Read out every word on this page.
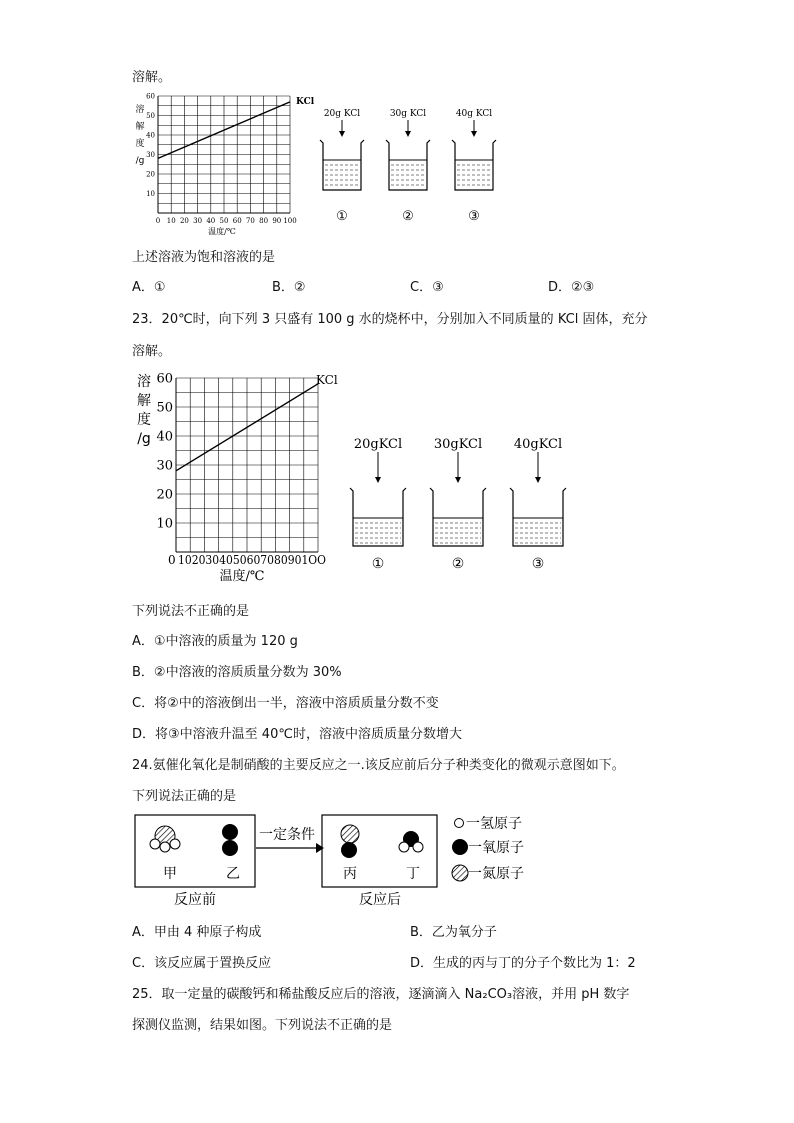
溶解。
60
50
40
30
20
10
0 10 20 30 40 50 60 70 80 90 100
溶
解
度
/g
KCl
温度/℃
20g KCl
①
30g KCl
②
40g KCl
③
上述溶液为饱和溶液的是
A．①	B．②	C．③	D．②③
23．20℃时，向下列 3 只盛有 100 g 水的烧杯中，分别加入不同质量的 KCl 固体，充分
溶解。
60
50
40
30
20
10
溶
解
度
/g
KCl
0 1020304050607080901OO
温度/℃
20gKCl
①
30gKCl
②
40gKCl
③
下列说法不正确的是
A．①中溶液的质量为 120 g
B．②中溶液的溶质质量分数为 30%
C．将②中的溶液倒出一半，溶液中溶质质量分数不变
D．将③中溶液升温至 40℃时，溶液中溶质质量分数增大
24.氨催化氧化是制硝酸的主要反应之一.该反应前后分子种类变化的微观示意图如下。
下列说法正确的是
甲	乙
反应前
一定条件
丙	丁
反应后
一氢原子
一氧原子
一氮原子
A．甲由 4 种原子构成	B．乙为氧分子
C．该反应属于置换反应	D．生成的丙与丁的分子个数比为 1：2
25．取一定量的碳酸钙和稀盐酸反应后的溶液，逐滴滴入 Na₂CO₃溶液，并用 pH 数字
探测仪监测，结果如图。下列说法不正确的是
